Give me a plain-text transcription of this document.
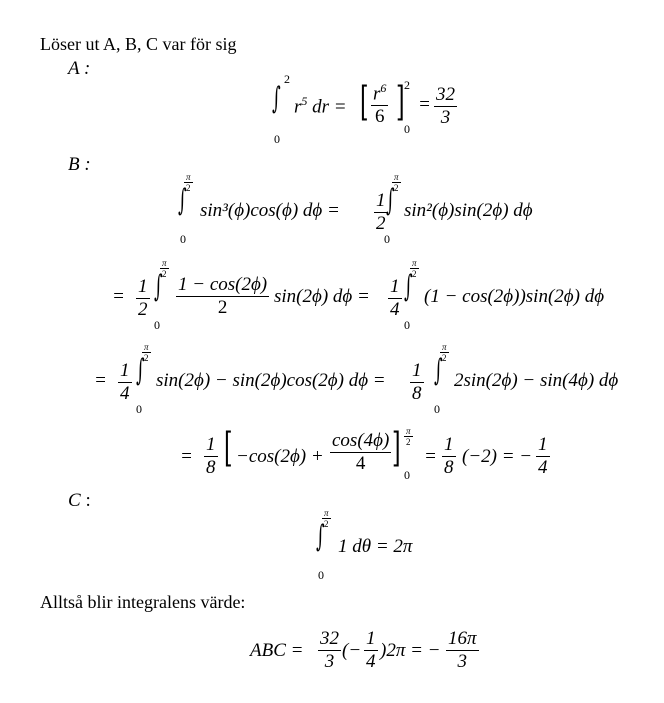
Löser ut A, B, C var för sig
A :	2
∫
0
$r^5$ dr = [ $\frac{r^6}{6}$ ] 2
0
= $\frac{32}{3}$
B :
$\frac{\pi}{2}$
∫
0
sin³(ϕ)cos(ϕ) $d\phi = \frac{1}{2}$
$\frac{\pi}{2}$
∫
0
sin²(ϕ)sin(2ϕ) dϕ
= $\frac{1}{2}$
$\frac{\pi}{2}$
∫
0
$\frac{1 - \cos(2\phi)}{2} \sin(2\phi) d\phi = \frac{1}{4}$
$\frac{\pi}{2}$
∫
0
(1 − cos(2ϕ))sin(2ϕ) dϕ
= $\frac{1}{4}$
$\frac{\pi}{2}$
∫
0
sin(2ϕ) − sin(2ϕ)cos(2ϕ) $d\phi = \frac{1}{8}$
$\frac{\pi}{2}$
∫
0
2sin(2ϕ) − sin(4ϕ) dϕ
= $\frac{1}{8}$ [ $-\cos(2\phi) + \frac{\cos(4\phi)}{4}$ ] $\frac{\pi}{2}$
0
= $\frac{1}{8} (-2)$ = − $\frac{1}{4}$
C :
$\frac{\pi}{2}$
∫
0
1 dθ = 2π
Alltså blir integralens värde:
ABC = $\frac{32}{3}$ (− $\frac{1}{4} )2\pi$ = − $\frac{16\pi}{3}$
